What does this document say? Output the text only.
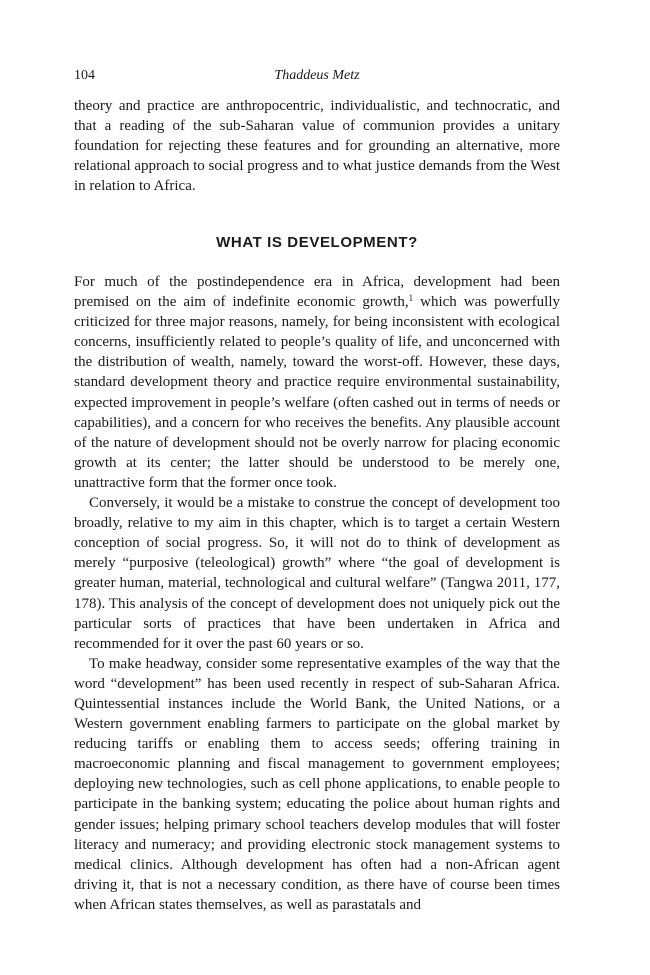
104	Thaddeus Metz

theory and practice are anthropocentric, individualistic, and technocratic, and that a reading of the sub-Saharan value of communion provides a unitary foundation for rejecting these features and for grounding an alternative, more relational approach to social progress and to what justice demands from the West in relation to Africa.

WHAT IS DEVELOPMENT?

For much of the postindependence era in Africa, development had been premised on the aim of indefinite economic growth,$^1$ which was powerfully criticized for three major reasons, namely, for being inconsistent with ecological concerns, insufficiently related to people’s quality of life, and unconcerned with the distribution of wealth, namely, toward the worst-off. However, these days, standard development theory and practice require environmental sustainability, expected improvement in people’s welfare (often cashed out in terms of needs or capabilities), and a concern for who receives the benefits. Any plausible account of the nature of development should not be overly narrow for placing economic growth at its center; the latter should be understood to be merely one, unattractive form that the former once took.

Conversely, it would be a mistake to construe the concept of development too broadly, relative to my aim in this chapter, which is to target a certain Western conception of social progress. So, it will not do to think of development as merely “purposive (teleological) growth” where “the goal of development is greater human, material, technological and cultural welfare” (Tangwa 2011, 177, 178). This analysis of the concept of development does not uniquely pick out the particular sorts of practices that have been undertaken in Africa and recommended for it over the past 60 years or so.

To make headway, consider some representative examples of the way that the word “development” has been used recently in respect of sub-Saharan Africa. Quintessential instances include the World Bank, the United Nations, or a Western government enabling farmers to participate on the global market by reducing tariffs or enabling them to access seeds; offering training in macroeconomic planning and fiscal management to government employees; deploying new technologies, such as cell phone applications, to enable people to participate in the banking system; educating the police about human rights and gender issues; helping primary school teachers develop modules that will foster literacy and numeracy; and providing electronic stock management systems to medical clinics. Although development has often had a non-African agent driving it, that is not a necessary condition, as there have of course been times when African states themselves, as well as parastatals and
